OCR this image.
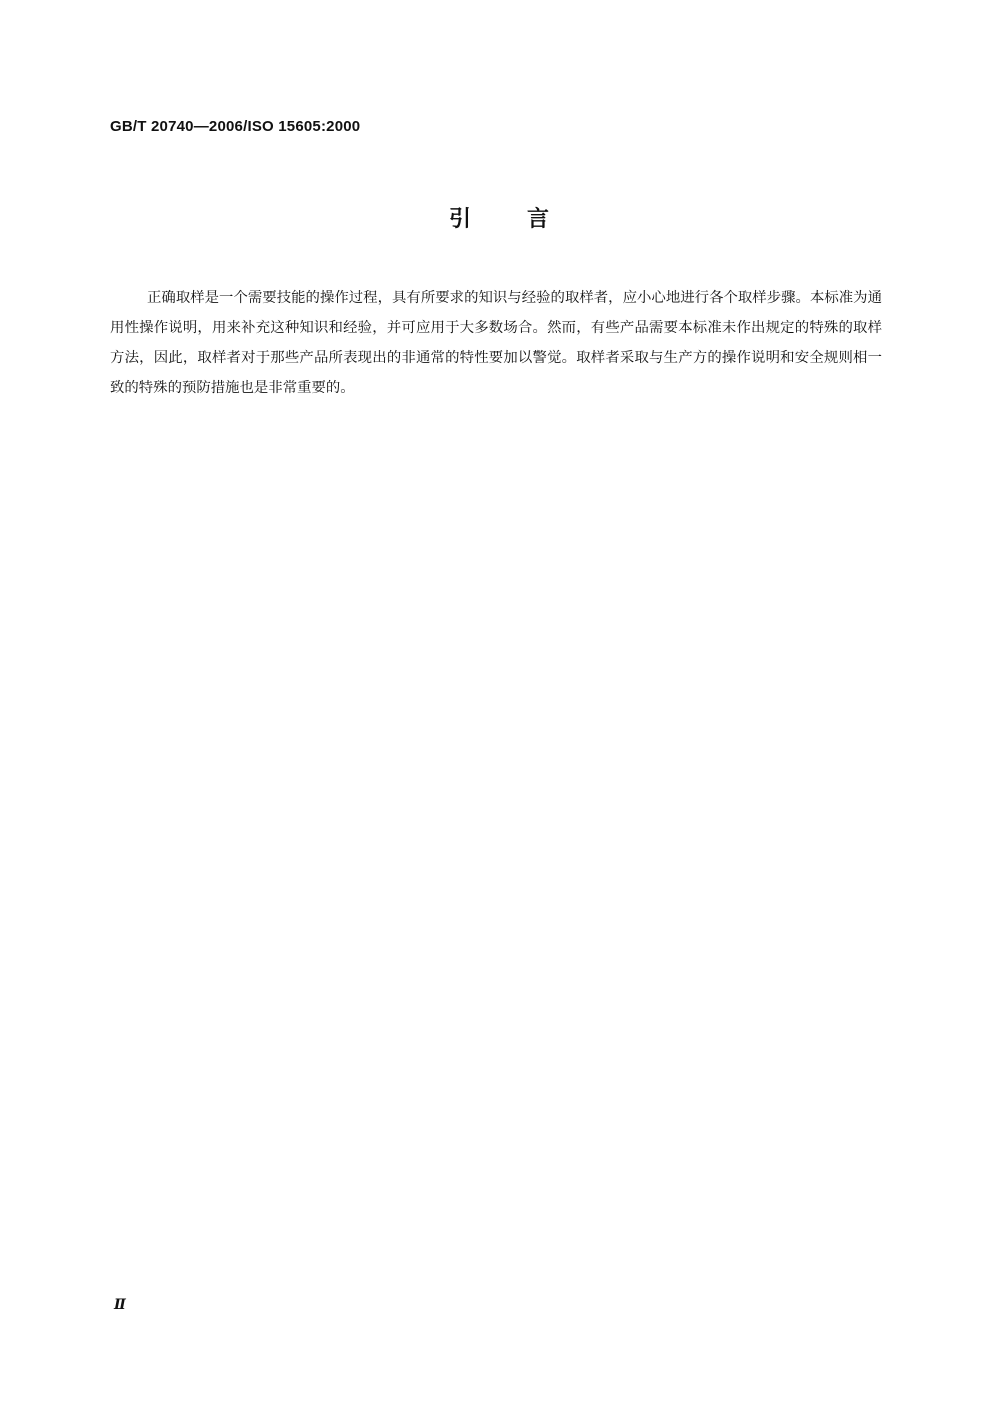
GB/T 20740—2006/ISO 15605:2000
引言

正确取样是一个需要技能的操作过程，具有所要求的知识与经验的取样者，应小心地进行各个取样步骤。本标准为通用性操作说明，用来补充这种知识和经验，并可应用于大多数场合。然而，有些产品需要本标准未作出规定的特殊的取样方法，因此，取样者对于那些产品所表现出的非通常的特性要加以警觉。取样者采取与生产方的操作说明和安全规则相一致的特殊的预防措施也是非常重要的。

Ⅱ
